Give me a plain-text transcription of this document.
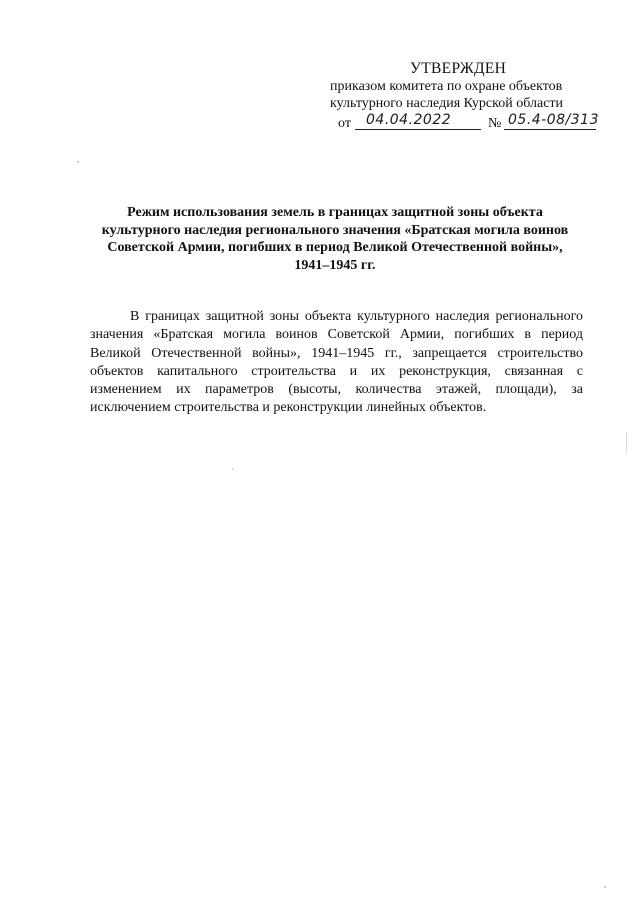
УТВЕРЖДЕН
приказом комитета по охране объектов
культурного наследия Курской области
от 04.04.2022	№ 05.4-08/313
Режим использования земель в границах защитной зоны объекта культурного наследия регионального значения «Братская могила воинов Советской Армии, погибших в период Великой Отечественной войны», 1941–1945 гг.
В границах защитной зоны объекта культурного наследия регионального значения «Братская могила воинов Советской Армии, погибших в период Великой Отечественной войны», 1941–1945 гг., запрещается строительство объектов капитального строительства и их реконструкция, связанная с изменением их параметров (высоты, количества этажей, площади), за исключением строительства и реконструкции линейных объектов.
